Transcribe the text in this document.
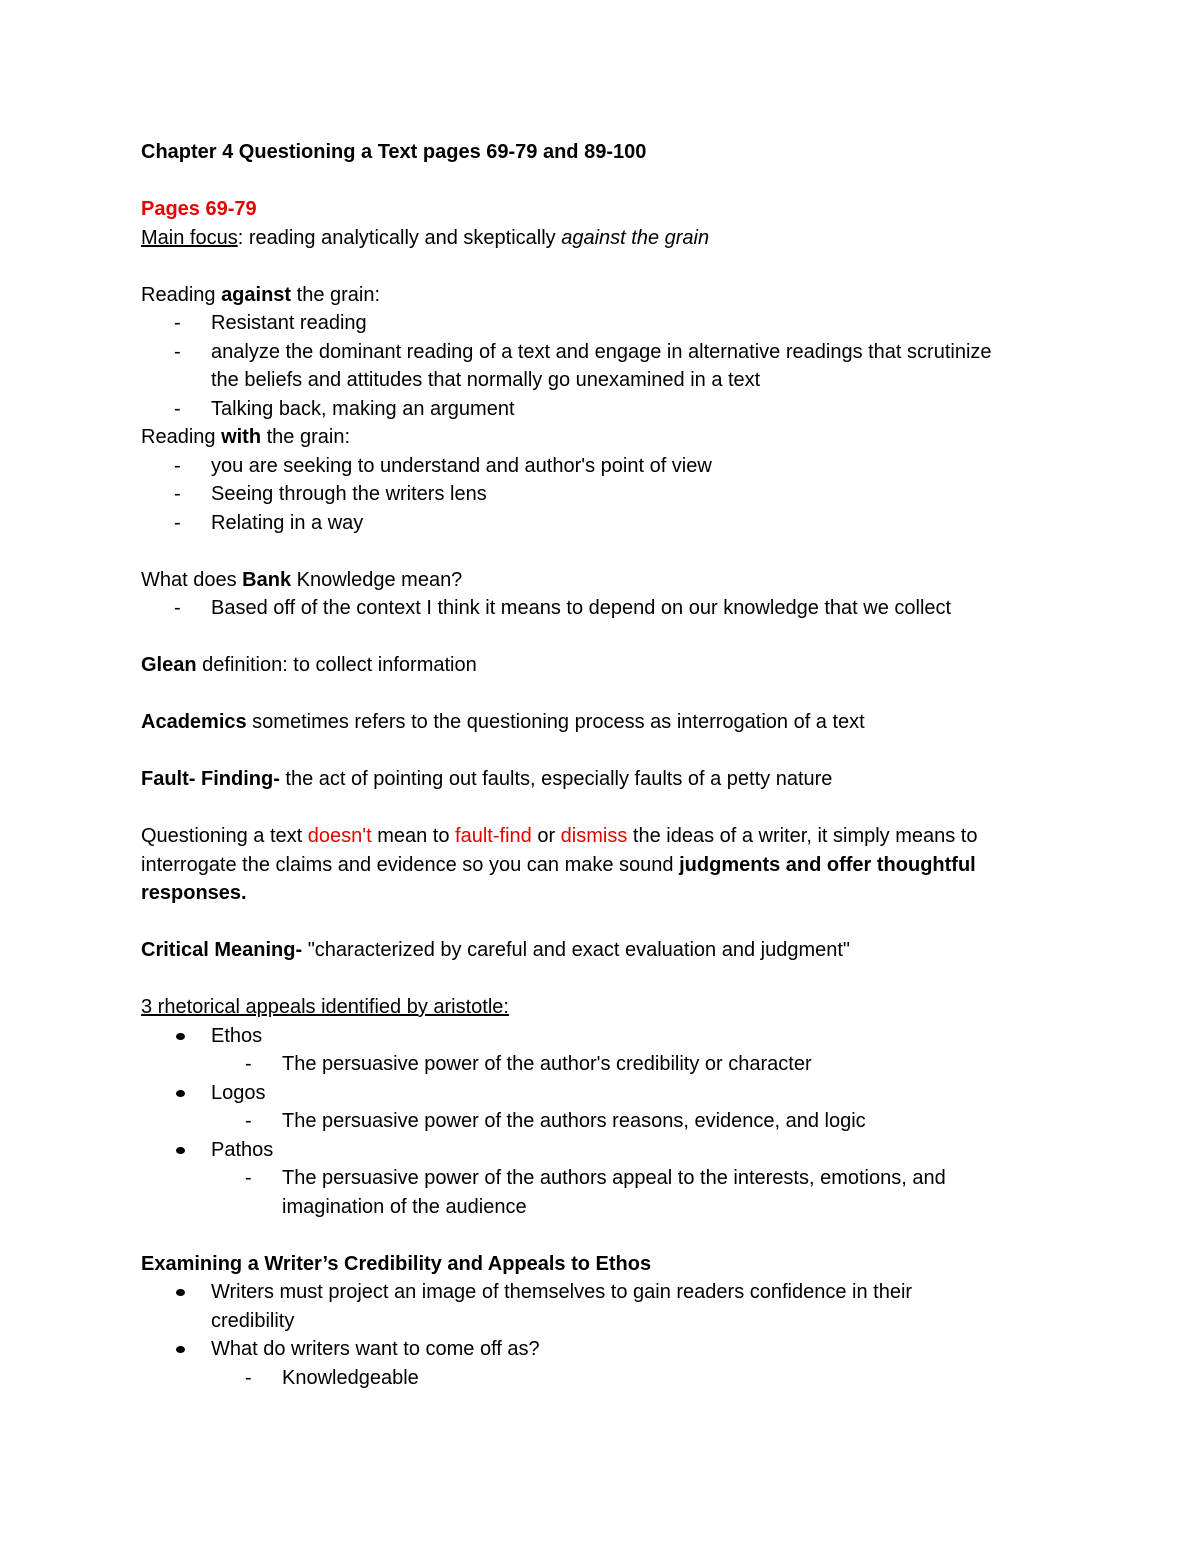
Chapter 4 Questioning a Text pages 69-79 and 89-100
Pages 69-79
Main focus: reading analytically and skeptically against the grain
Reading against the grain:
- Resistant reading
- analyze the dominant reading of a text and engage in alternative readings that scrutinize
the beliefs and attitudes that normally go unexamined in a text
- Talking back, making an argument
Reading with the grain:
- you are seeking to understand and author's point of view
- Seeing through the writers lens
- Relating in a way
What does Bank Knowledge mean?
- Based off of the context I think it means to depend on our knowledge that we collect
Glean definition: to collect information
Academics sometimes refers to the questioning process as interrogation of a text
Fault- Finding- the act of pointing out faults, especially faults of a petty nature
Questioning a text doesn't mean to fault-find or dismiss the ideas of a writer, it simply means to
interrogate the claims and evidence so you can make sound judgments and offer thoughtful
responses.
Critical Meaning- "characterized by careful and exact evaluation and judgment"
3 rhetorical appeals identified by aristotle:
Ethos
- The persuasive power of the author's credibility or character
Logos
- The persuasive power of the authors reasons, evidence, and logic
Pathos
- The persuasive power of the authors appeal to the interests, emotions, and
imagination of the audience
Examining a Writer’s Credibility and Appeals to Ethos
Writers must project an image of themselves to gain readers confidence in their
credibility
What do writers want to come off as?
- Knowledgeable
